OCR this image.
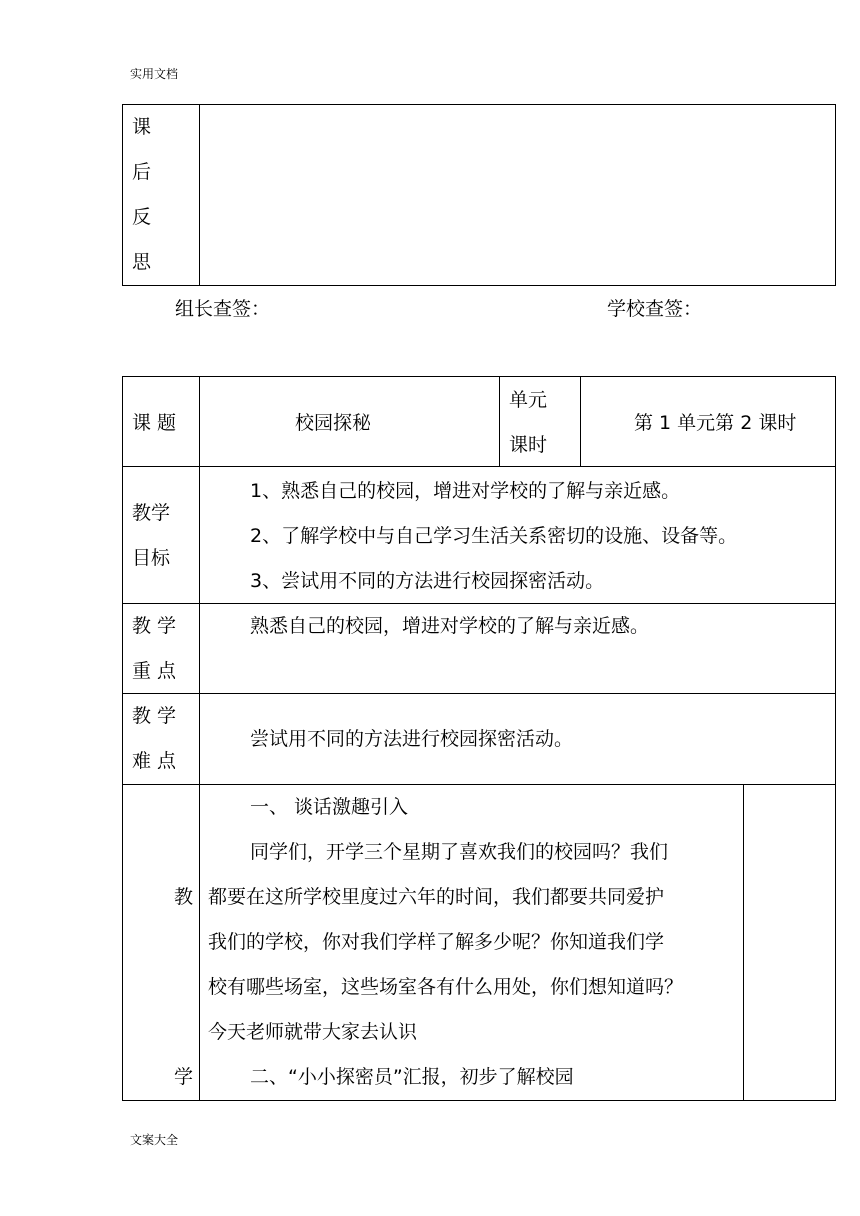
实用文档
课
后
反
思
组长查签：	学校查签：
课 题	校园探秘
单元
课时
第 1 单元第 2 课时
教学
目标
1、熟悉自己的校园，增进对学校的了解与亲近感。
2、了解学校中与自己学习生活关系密切的设施、设备等。
3、尝试用不同的方法进行校园探密活动。
教 学
重 点
熟悉自己的校园，增进对学校的了解与亲近感。
教 学
难 点
尝试用不同的方法进行校园探密活动。
教
学
一、 谈话激趣引入
同学们，开学三个星期了喜欢我们的校园吗？我们
都要在这所学校里度过六年的时间，我们都要共同爱护
我们的学校，你对我们学样了解多少呢？你知道我们学
校有哪些场室，这些场室各有什么用处，你们想知道吗？
今天老师就带大家去认识
二、“小小探密员”汇报，初步了解校园
文案大全
